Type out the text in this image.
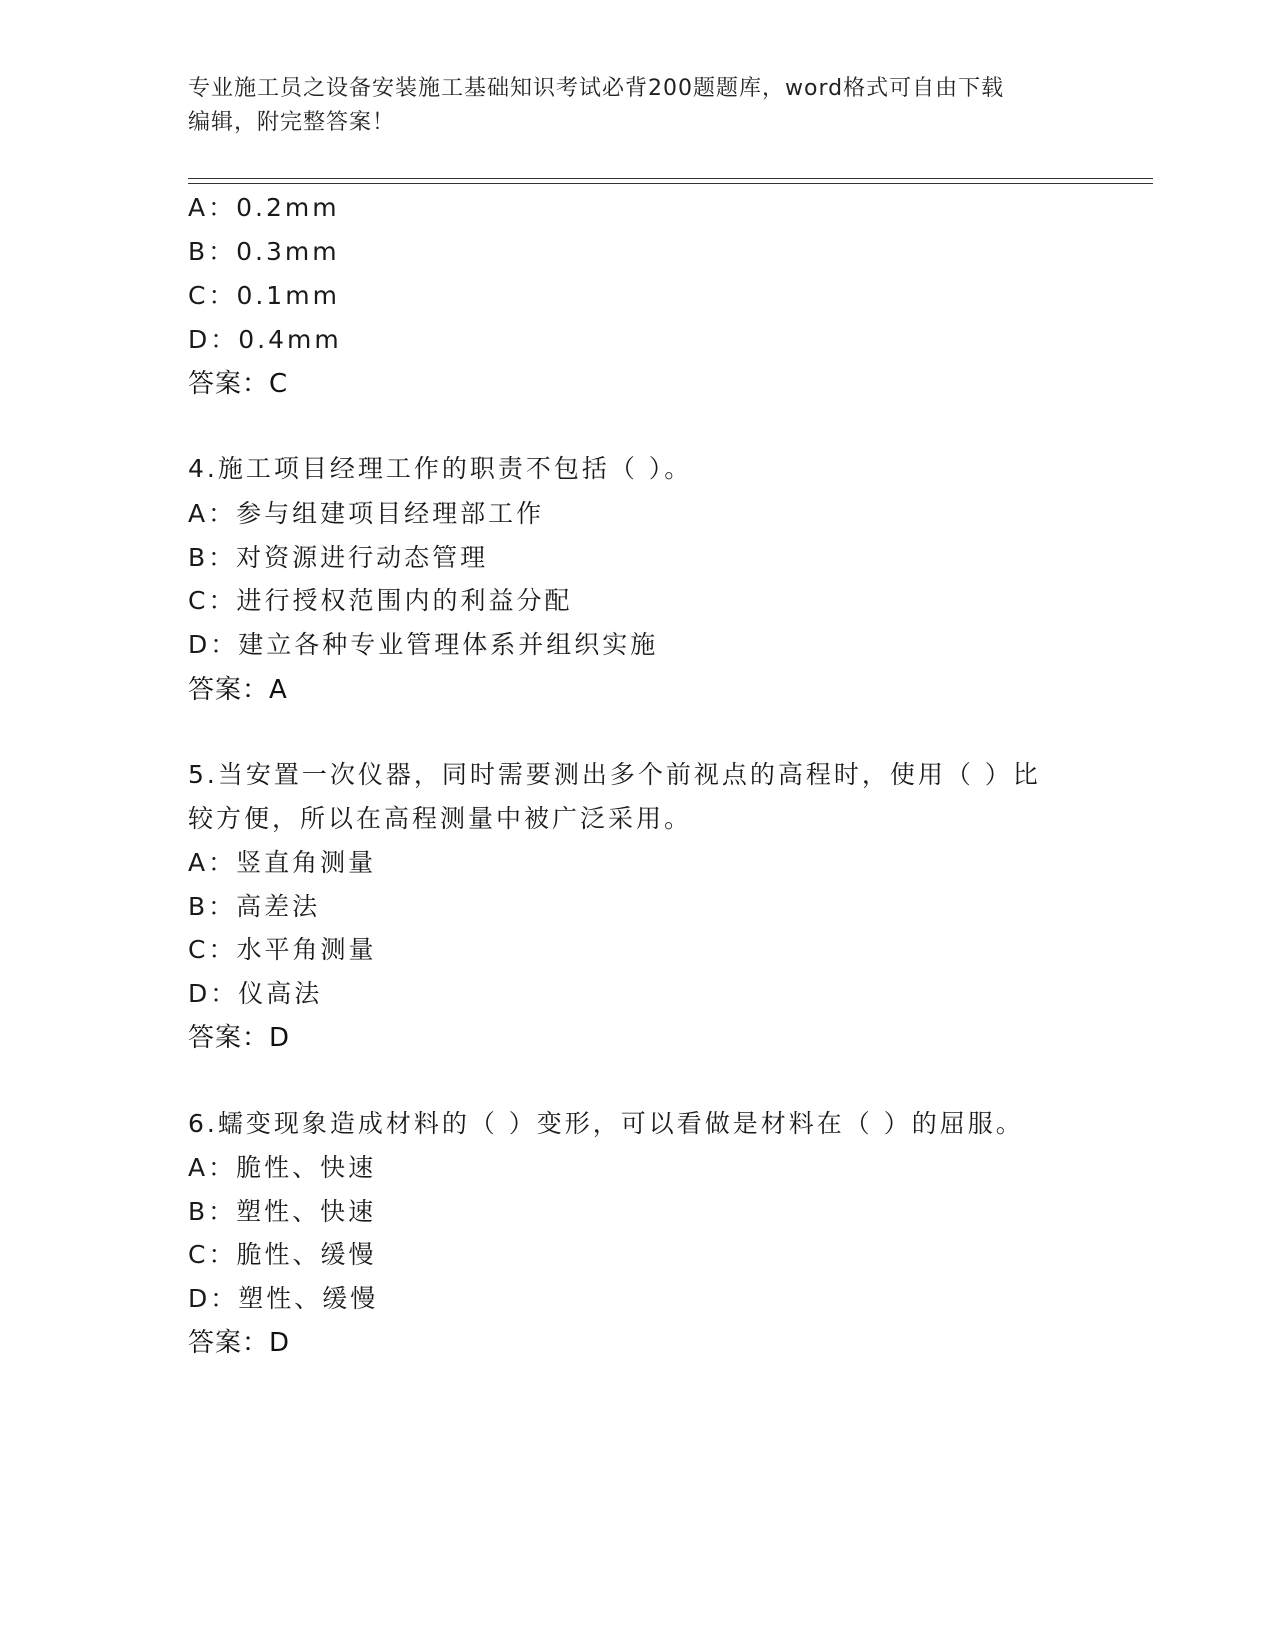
专业施工员之设备安装施工基础知识考试必背200题题库，word格式可自由下载
编辑，附完整答案！
A：0.2mm
B：0.3mm
C：0.1mm
D：0.4mm
答案：C
4.施工项目经理工作的职责不包括（ ）。
A：参与组建项目经理部工作
B：对资源进行动态管理
C：进行授权范围内的利益分配
D：建立各种专业管理体系并组织实施
答案：A
5.当安置一次仪器，同时需要测出多个前视点的高程时，使用（ ）比
较方便，所以在高程测量中被广泛采用。
A：竖直角测量
B：高差法
C：水平角测量
D：仪高法
答案：D
6.蠕变现象造成材料的（ ）变形，可以看做是材料在（ ）的屈服。
A：脆性、快速
B：塑性、快速
C：脆性、缓慢
D：塑性、缓慢
答案：D
